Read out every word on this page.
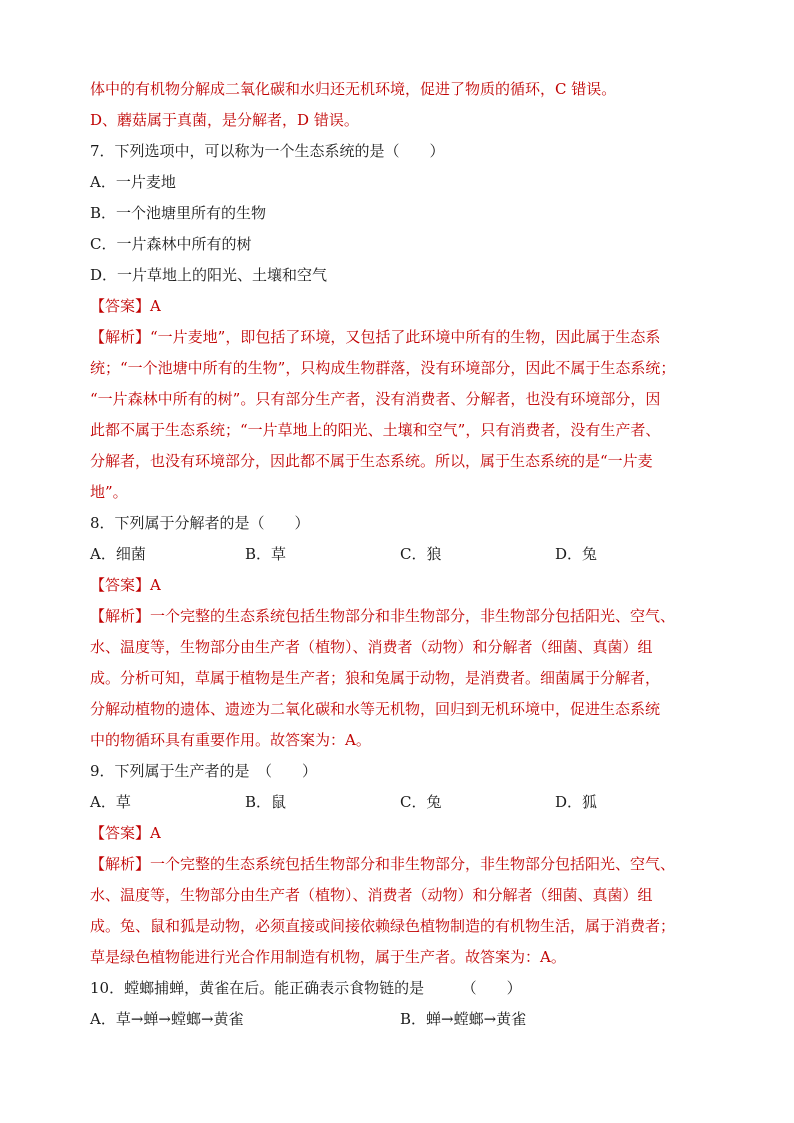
体中的有机物分解成二氧化碳和水归还无机环境，促进了物质的循环，C 错误。
D、蘑菇属于真菌，是分解者，D 错误。
7．下列选项中，可以称为一个生态系统的是（　　）
A．一片麦地
B．一个池塘里所有的生物
C．一片森林中所有的树
D．一片草地上的阳光、土壤和空气
【答案】A
【解析】“一片麦地”，即包括了环境，又包括了此环境中所有的生物，因此属于生态系
统；“一个池塘中所有的生物”，只构成生物群落，没有环境部分，因此不属于生态系统；
“一片森林中所有的树”。只有部分生产者，没有消费者、分解者，也没有环境部分，因
此都不属于生态系统；“一片草地上的阳光、土壤和空气”，只有消费者，没有生产者、
分解者，也没有环境部分，因此都不属于生态系统。所以，属于生态系统的是“一片麦
地”。
8．下列属于分解者的是（　　）
A．细菌	B．草	C．狼	D．兔
【答案】A
【解析】一个完整的生态系统包括生物部分和非生物部分，非生物部分包括阳光、空气、
水、温度等，生物部分由生产者（植物）、消费者（动物）和分解者（细菌、真菌）组
成。分析可知，草属于植物是生产者；狼和兔属于动物，是消费者。细菌属于分解者，
分解动植物的遗体、遗迹为二氧化碳和水等无机物，回归到无机环境中，促进生态系统
中的物循环具有重要作用。故答案为：A。
9．下列属于生产者的是　（　　）
A．草	B．鼠	C．兔	D．狐
【答案】A
【解析】一个完整的生态系统包括生物部分和非生物部分，非生物部分包括阳光、空气、
水、温度等，生物部分由生产者（植物）、消费者（动物）和分解者（细菌、真菌）组
成。兔、鼠和狐是动物，必须直接或间接依赖绿色植物制造的有机物生活，属于消费者；
草是绿色植物能进行光合作用制造有机物，属于生产者。故答案为：A。
10．螳螂捕蝉，黄雀在后。能正确表示食物链的是　　　（　　）
A．草→蝉→螳螂→黄雀	B．蝉→螳螂→黄雀
